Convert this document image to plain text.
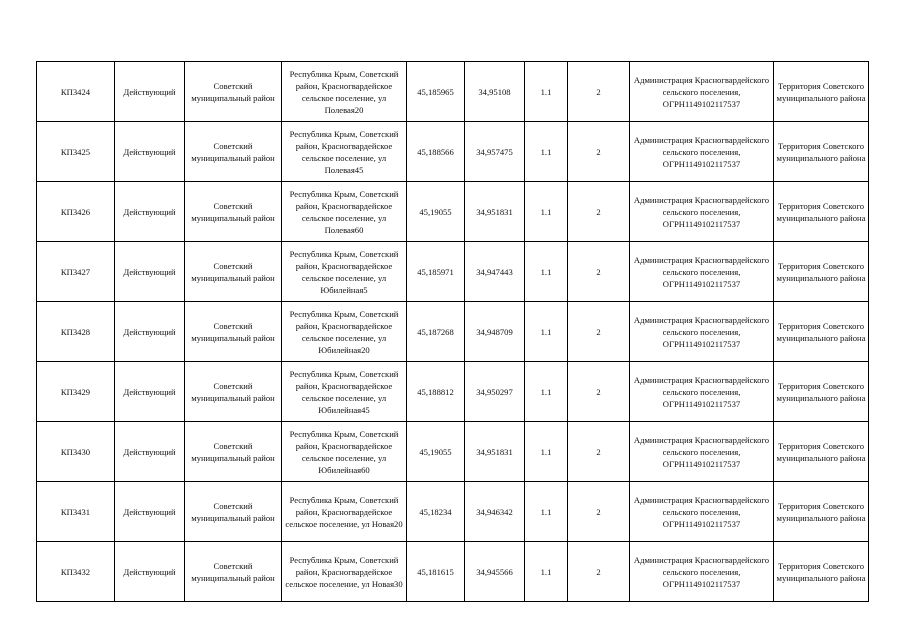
КП3424	Действующий	Советский муниципальный район	Республика Крым, Советский район, Красногвардейское сельское поселение, ул Полевая20	45,185965	34,95108	1.1	2	Администрация Красногвардейского сельского поселения, ОГРН1149102117537	Территория Советского муниципального района
КП3425	Действующий	Советский муниципальный район	Республика Крым, Советский район, Красногвардейское сельское поселение, ул Полевая45	45,188566	34,957475	1.1	2	Администрация Красногвардейского сельского поселения, ОГРН1149102117537	Территория Советского муниципального района
КП3426	Действующий	Советский муниципальный район	Республика Крым, Советский район, Красногвардейское сельское поселение, ул Полевая60	45,19055	34,951831	1.1	2	Администрация Красногвардейского сельского поселения, ОГРН1149102117537	Территория Советского муниципального района
КП3427	Действующий	Советский муниципальный район	Республика Крым, Советский район, Красногвардейское сельское поселение, ул Юбилейная5	45,185971	34,947443	1.1	2	Администрация Красногвардейского сельского поселения, ОГРН1149102117537	Территория Советского муниципального района
КП3428	Действующий	Советский муниципальный район	Республика Крым, Советский район, Красногвардейское сельское поселение, ул Юбилейная20	45,187268	34,948709	1.1	2	Администрация Красногвардейского сельского поселения, ОГРН1149102117537	Территория Советского муниципального района
КП3429	Действующий	Советский муниципальный район	Республика Крым, Советский район, Красногвардейское сельское поселение, ул Юбилейная45	45,188812	34,950297	1.1	2	Администрация Красногвардейского сельского поселения, ОГРН1149102117537	Территория Советского муниципального района
КП3430	Действующий	Советский муниципальный район	Республика Крым, Советский район, Красногвардейское сельское поселение, ул Юбилейная60	45,19055	34,951831	1.1	2	Администрация Красногвардейского сельского поселения, ОГРН1149102117537	Территория Советского муниципального района
КП3431	Действующий	Советский муниципальный район	Республика Крым, Советский район, Красногвардейское сельское поселение, ул Новая20	45,18234	34,946342	1.1	2	Администрация Красногвардейского сельского поселения, ОГРН1149102117537	Территория Советского муниципального района
КП3432	Действующий	Советский муниципальный район	Республика Крым, Советский район, Красногвардейское сельское поселение, ул Новая30	45,181615	34,945566	1.1	2	Администрация Красногвардейского сельского поселения, ОГРН1149102117537	Территория Советского муниципального района
